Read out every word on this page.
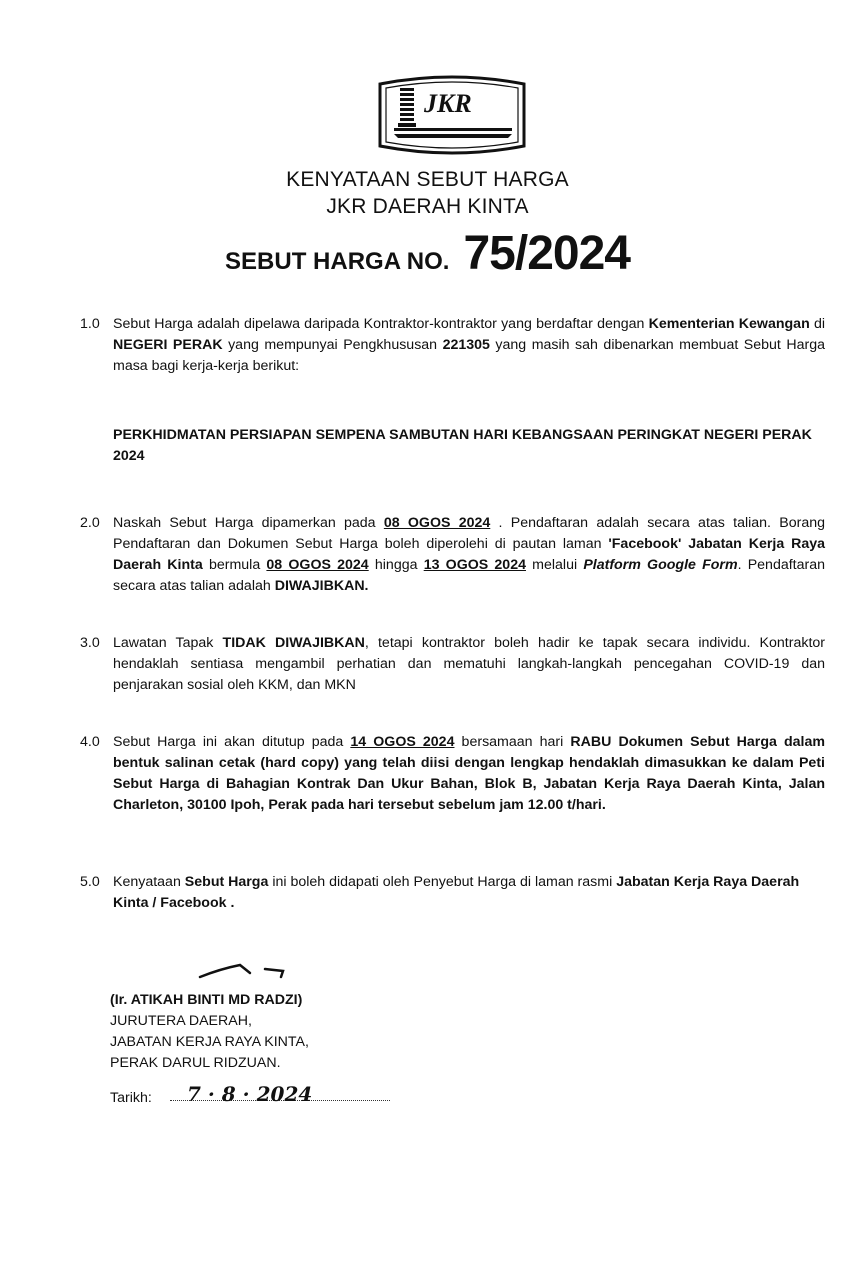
JKR
KENYATAAN SEBUT HARGA
JKR DAERAH KINTA
SEBUT HARGA NO. 75/2024
1.0 Sebut Harga adalah dipelawa daripada Kontraktor-kontraktor yang berdaftar dengan Kementerian Kewangan di NEGERI PERAK yang mempunyai Pengkhususan 221305 yang masih sah dibenarkan membuat Sebut Harga masa bagi kerja-kerja berikut:
PERKHIDMATAN PERSIAPAN SEMPENA SAMBUTAN HARI KEBANGSAAN PERINGKAT NEGERI PERAK 2024
2.0 Naskah Sebut Harga dipamerkan pada 08 OGOS 2024 . Pendaftaran adalah secara atas talian. Borang Pendaftaran dan Dokumen Sebut Harga boleh diperolehi di pautan laman 'Facebook' Jabatan Kerja Raya Daerah Kinta bermula 08 OGOS 2024 hingga 13 OGOS 2024 melalui Platform Google Form. Pendaftaran secara atas talian adalah DIWAJIBKAN.
3.0 Lawatan Tapak TIDAK DIWAJIBKAN, tetapi kontraktor boleh hadir ke tapak secara individu. Kontraktor hendaklah sentiasa mengambil perhatian dan mematuhi langkah-langkah pencegahan COVID-19 dan penjarakan sosial oleh KKM, dan MKN
4.0 Sebut Harga ini akan ditutup pada 14 OGOS 2024 bersamaan hari RABU Dokumen Sebut Harga dalam bentuk salinan cetak (hard copy) yang telah diisi dengan lengkap hendaklah dimasukkan ke dalam Peti Sebut Harga di Bahagian Kontrak Dan Ukur Bahan, Blok B, Jabatan Kerja Raya Daerah Kinta, Jalan Charleton, 30100 Ipoh, Perak pada hari tersebut sebelum jam 12.00 t/hari.
5.0 Kenyataan Sebut Harga ini boleh didapati oleh Penyebut Harga di laman rasmi Jabatan Kerja Raya Daerah Kinta / Facebook .
(Ir. ATIKAH BINTI MD RADZI)
JURUTERA DAERAH,
JABATAN KERJA RAYA KINTA,
PERAK DARUL RIDZUAN.
Tarikh: 7 · 8 · 2024
